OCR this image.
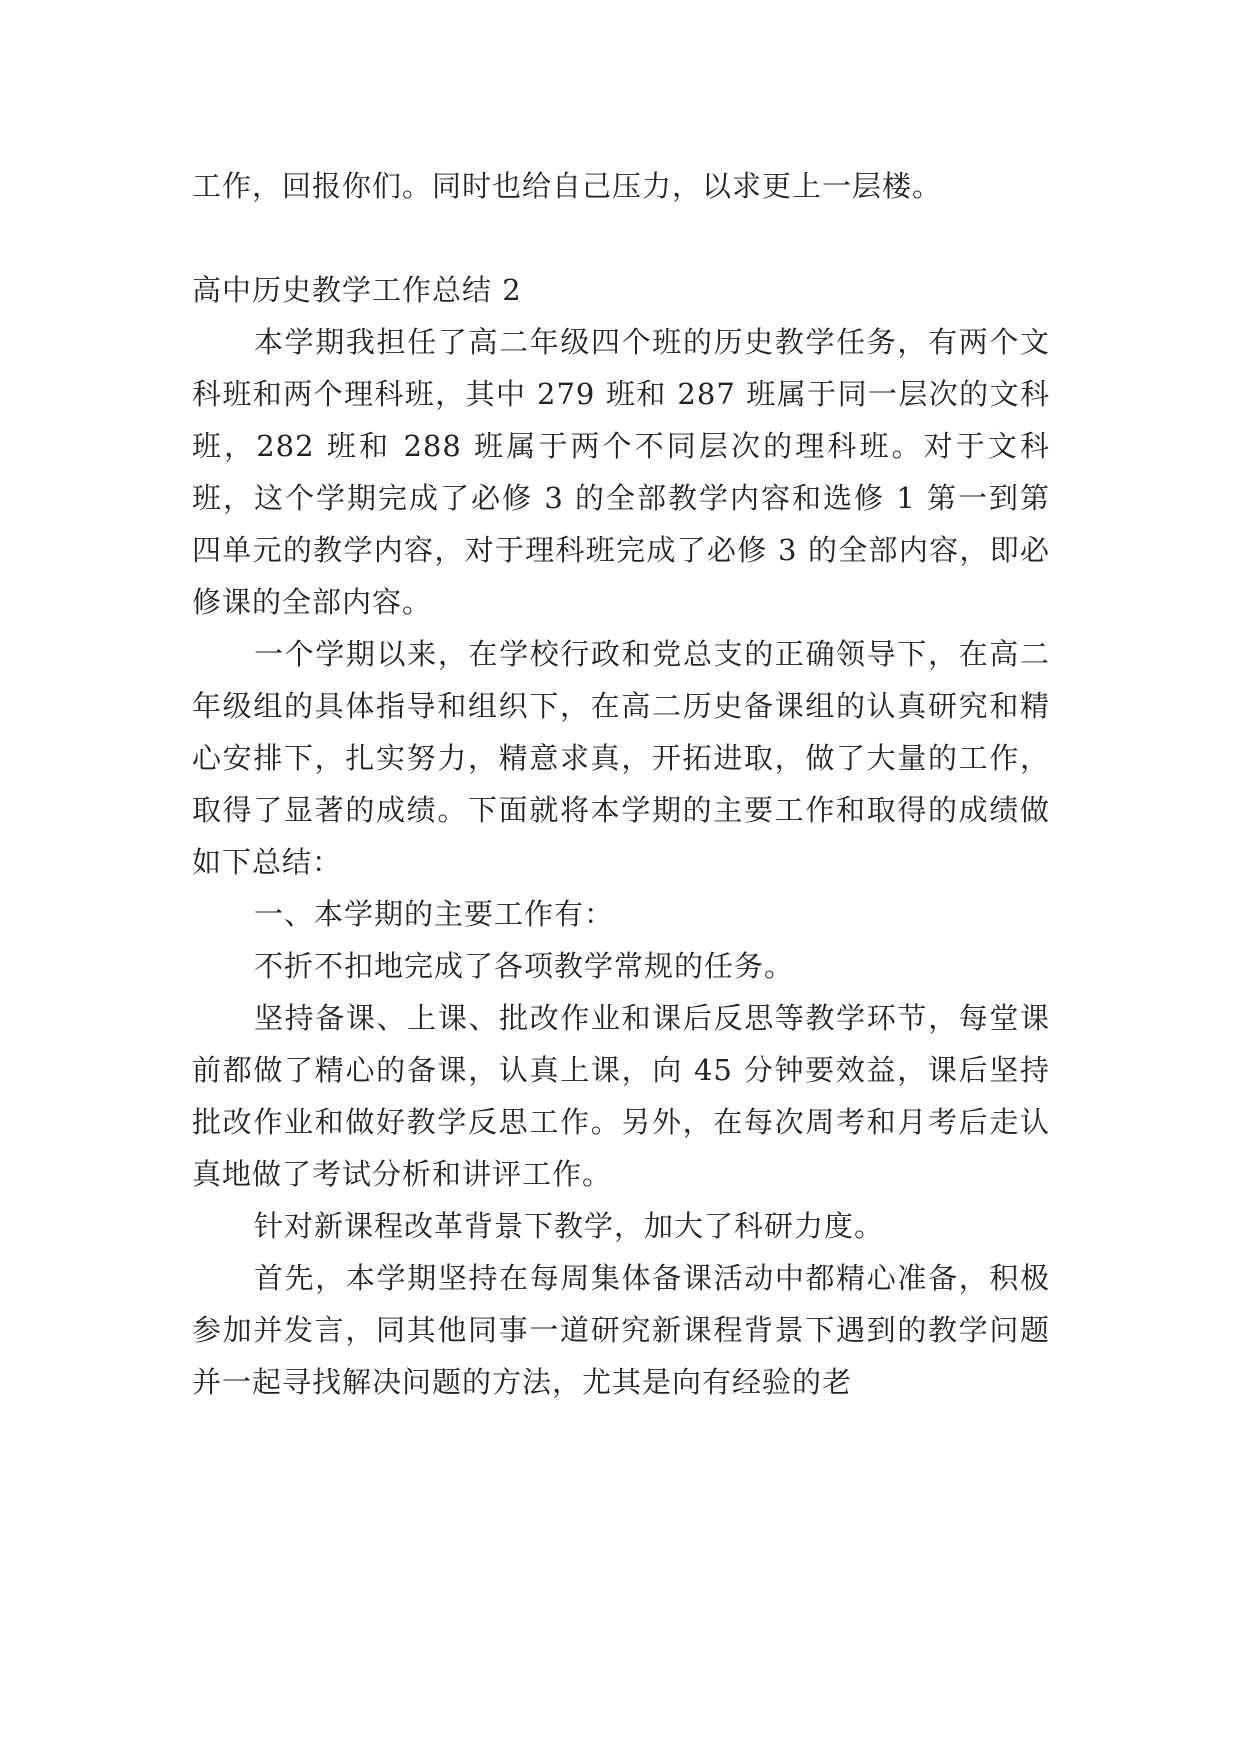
工作，回报你们。同时也给自己压力，以求更上一层楼。

高中历史教学工作总结 2

本学期我担任了高二年级四个班的历史教学任务，有两个文科班和两个理科班，其中 279 班和 287 班属于同一层次的文科班，282 班和 288 班属于两个不同层次的理科班。对于文科班，这个学期完成了必修 3 的全部教学内容和选修 1 第一到第四单元的教学内容，对于理科班完成了必修 3 的全部内容，即必修课的全部内容。

一个学期以来，在学校行政和党总支的正确领导下，在高二年级组的具体指导和组织下，在高二历史备课组的认真研究和精心安排下，扎实努力，精意求真，开拓进取，做了大量的工作，取得了显著的成绩。下面就将本学期的主要工作和取得的成绩做如下总结：

一、本学期的主要工作有：

不折不扣地完成了各项教学常规的任务。

坚持备课、上课、批改作业和课后反思等教学环节，每堂课前都做了精心的备课，认真上课，向 45 分钟要效益，课后坚持批改作业和做好教学反思工作。另外，在每次周考和月考后走认真地做了考试分析和讲评工作。

针对新课程改革背景下教学，加大了科研力度。

首先，本学期坚持在每周集体备课活动中都精心准备，积极参加并发言，同其他同事一道研究新课程背景下遇到的教学问题并一起寻找解决问题的方法，尤其是向有经验的老
